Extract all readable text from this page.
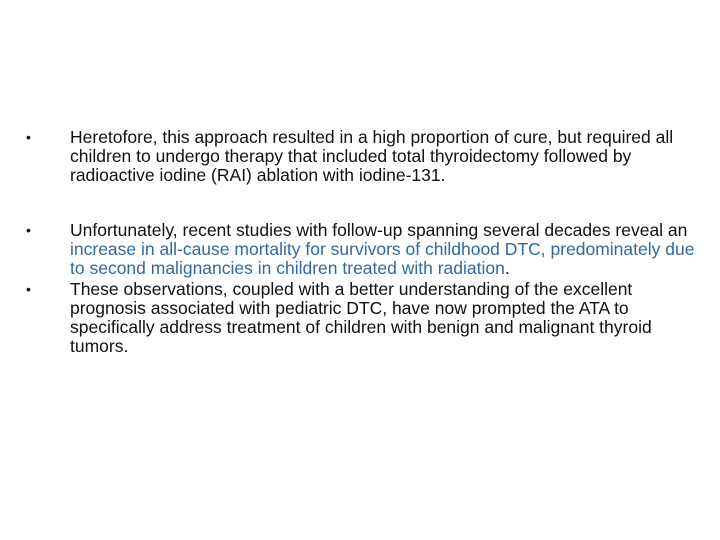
•	Heretofore, this approach resulted in a high proportion of cure, but required all children to undergo therapy that included total thyroidectomy followed by radioactive iodine (RAI) ablation with iodine-131.
•	Unfortunately, recent studies with follow-up spanning several decades reveal an increase in all-cause mortality for survivors of childhood DTC, predominately due to second malignancies in children treated with radiation.
•	These observations, coupled with a better understanding of the excellent prognosis associated with pediatric DTC, have now prompted the ATA to specifically address treatment of children with benign and malignant thyroid tumors.
